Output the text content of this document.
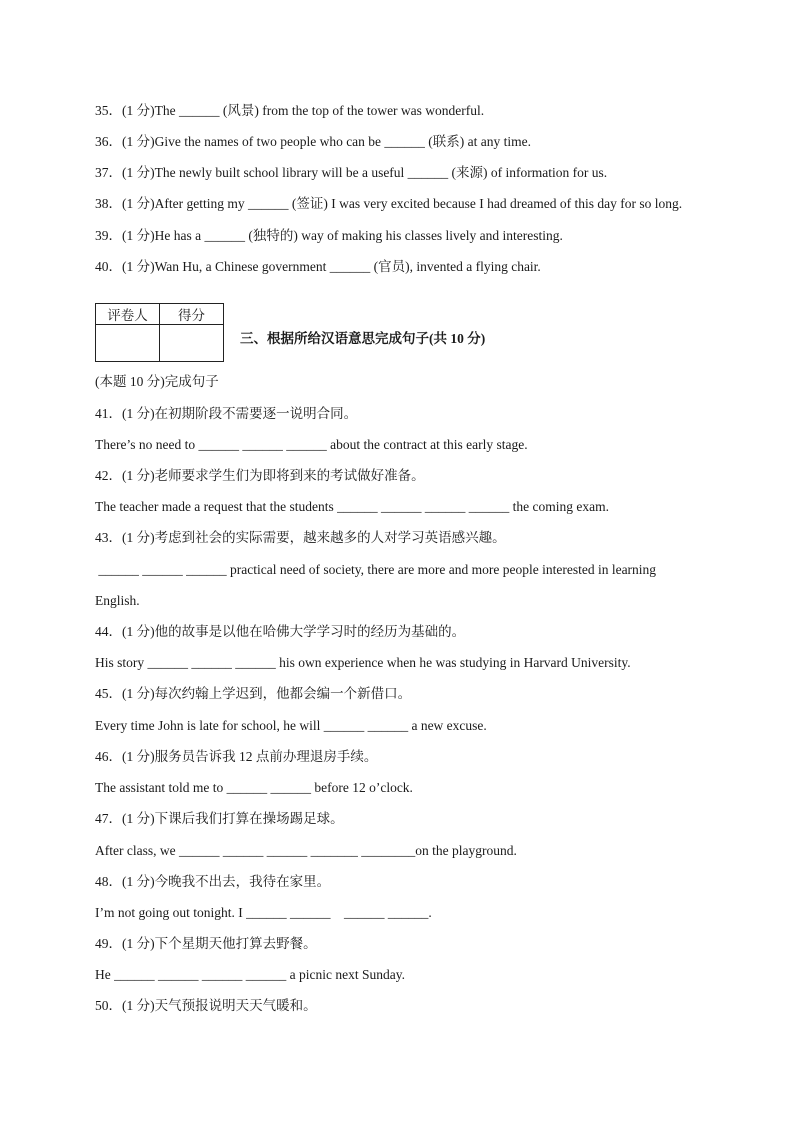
35．(1 分)The ______ (风景) from the top of the tower was wonderful.
36．(1 分)Give the names of two people who can be ______ (联系) at any time.
37．(1 分)The newly built school library will be a useful ______ (来源) of information for us.
38．(1 分)After getting my ______ (签证) I was very excited because I had dreamed of this day for so long.
39．(1 分)He has a ______ (独特的) way of making his classes lively and interesting.
40．(1 分)Wan Hu, a Chinese government ______ (官员), invented a flying chair.
评卷人	得分

三、根据所给汉语意思完成句子(共 10 分)
(本题 10 分)完成句子
41．(1 分)在初期阶段不需要逐一说明合同。
There’s no need to ______ ______ ______ about the contract at this early stage.
42．(1 分)老师要求学生们为即将到来的考试做好准备。
The teacher made a request that the students ______ ______ ______ ______ the coming exam.
43．(1 分)考虑到社会的实际需要，越来越多的人对学习英语感兴趣。
______ ______ ______ practical need of society, there are more and more people interested in learning
English.
44．(1 分)他的故事是以他在哈佛大学学习时的经历为基础的。
His story ______ ______ ______ his own experience when he was studying in Harvard University.
45．(1 分)每次约翰上学迟到，他都会编一个新借口。
Every time John is late for school, he will ______ ______ a new excuse.
46．(1 分)服务员告诉我 12 点前办理退房手续。
The assistant told me to ______ ______ before 12 o’clock.
47．(1 分)下课后我们打算在操场踢足球。
After class, we ______ ______ ______ _______ ________on the playground.
48．(1 分)今晚我不出去，我待在家里。
I’m not going out tonight. I ______ ______    ______ ______.
49．(1 分)下个星期天他打算去野餐。
He ______ ______ ______ ______ a picnic next Sunday.
50．(1 分)天气预报说明天天气暖和。
